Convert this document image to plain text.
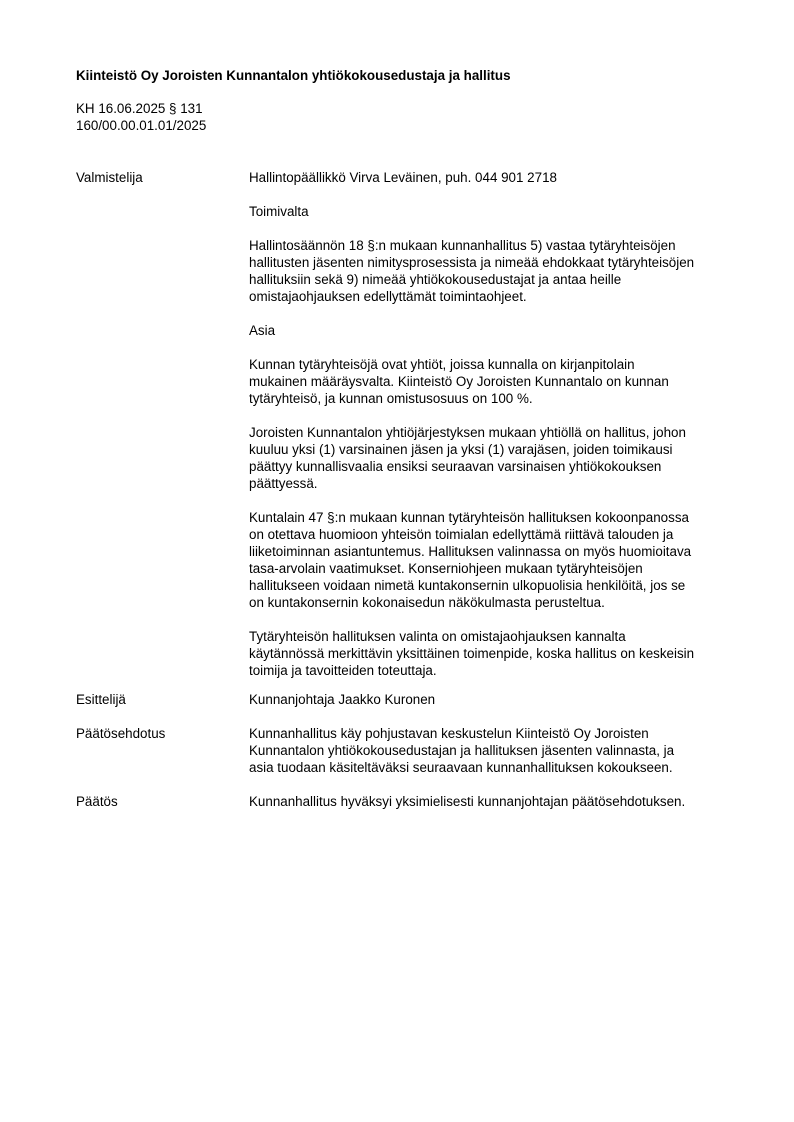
Kiinteistö Oy Joroisten Kunnantalon yhtiökokousedustaja ja hallitus
KH 16.06.2025 § 131
160/00.00.01.01/2025
Valmistelija	Hallintopäällikkö Virva Leväinen, puh. 044 901 2718
Toimivalta
Hallintosäännön 18 §:n mukaan kunnanhallitus 5) vastaa tytäryhteisöjen
hallitusten jäsenten nimitysprosessista ja nimeää ehdokkaat tytäryhteisöjen
hallituksiin sekä 9) nimeää yhtiökokousedustajat ja antaa heille
omistajaohjauksen edellyttämät toimintaohjeet.
Asia
Kunnan tytäryhteisöjä ovat yhtiöt, joissa kunnalla on kirjanpitolain
mukainen määräysvalta. Kiinteistö Oy Joroisten Kunnantalo on kunnan
tytäryhteisö, ja kunnan omistusosuus on 100 %.
Joroisten Kunnantalon yhtiöjärjestyksen mukaan yhtiöllä on hallitus, johon
kuuluu yksi (1) varsinainen jäsen ja yksi (1) varajäsen, joiden toimikausi
päättyy kunnallisvaalia ensiksi seuraavan varsinaisen yhtiökokouksen
päättyessä.
Kuntalain 47 §:n mukaan kunnan tytäryhteisön hallituksen kokoonpanossa
on otettava huomioon yhteisön toimialan edellyttämä riittävä talouden ja
liiketoiminnan asiantuntemus. Hallituksen valinnassa on myös huomioitava
tasa-arvolain vaatimukset. Konserniohjeen mukaan tytäryhteisöjen
hallitukseen voidaan nimetä kuntakonsernin ulkopuolisia henkilöitä, jos se
on kuntakonsernin kokonaisedun näkökulmasta perusteltua.
Tytäryhteisön hallituksen valinta on omistajaohjauksen kannalta
käytännössä merkittävin yksittäinen toimenpide, koska hallitus on keskeisin
toimija ja tavoitteiden toteuttaja.
Esittelijä	Kunnanjohtaja Jaakko Kuronen
Päätösehdotus	Kunnanhallitus käy pohjustavan keskustelun Kiinteistö Oy Joroisten
Kunnantalon yhtiökokousedustajan ja hallituksen jäsenten valinnasta, ja
asia tuodaan käsiteltäväksi seuraavaan kunnanhallituksen kokoukseen.
Päätös	Kunnanhallitus hyväksyi yksimielisesti kunnanjohtajan päätösehdotuksen.
